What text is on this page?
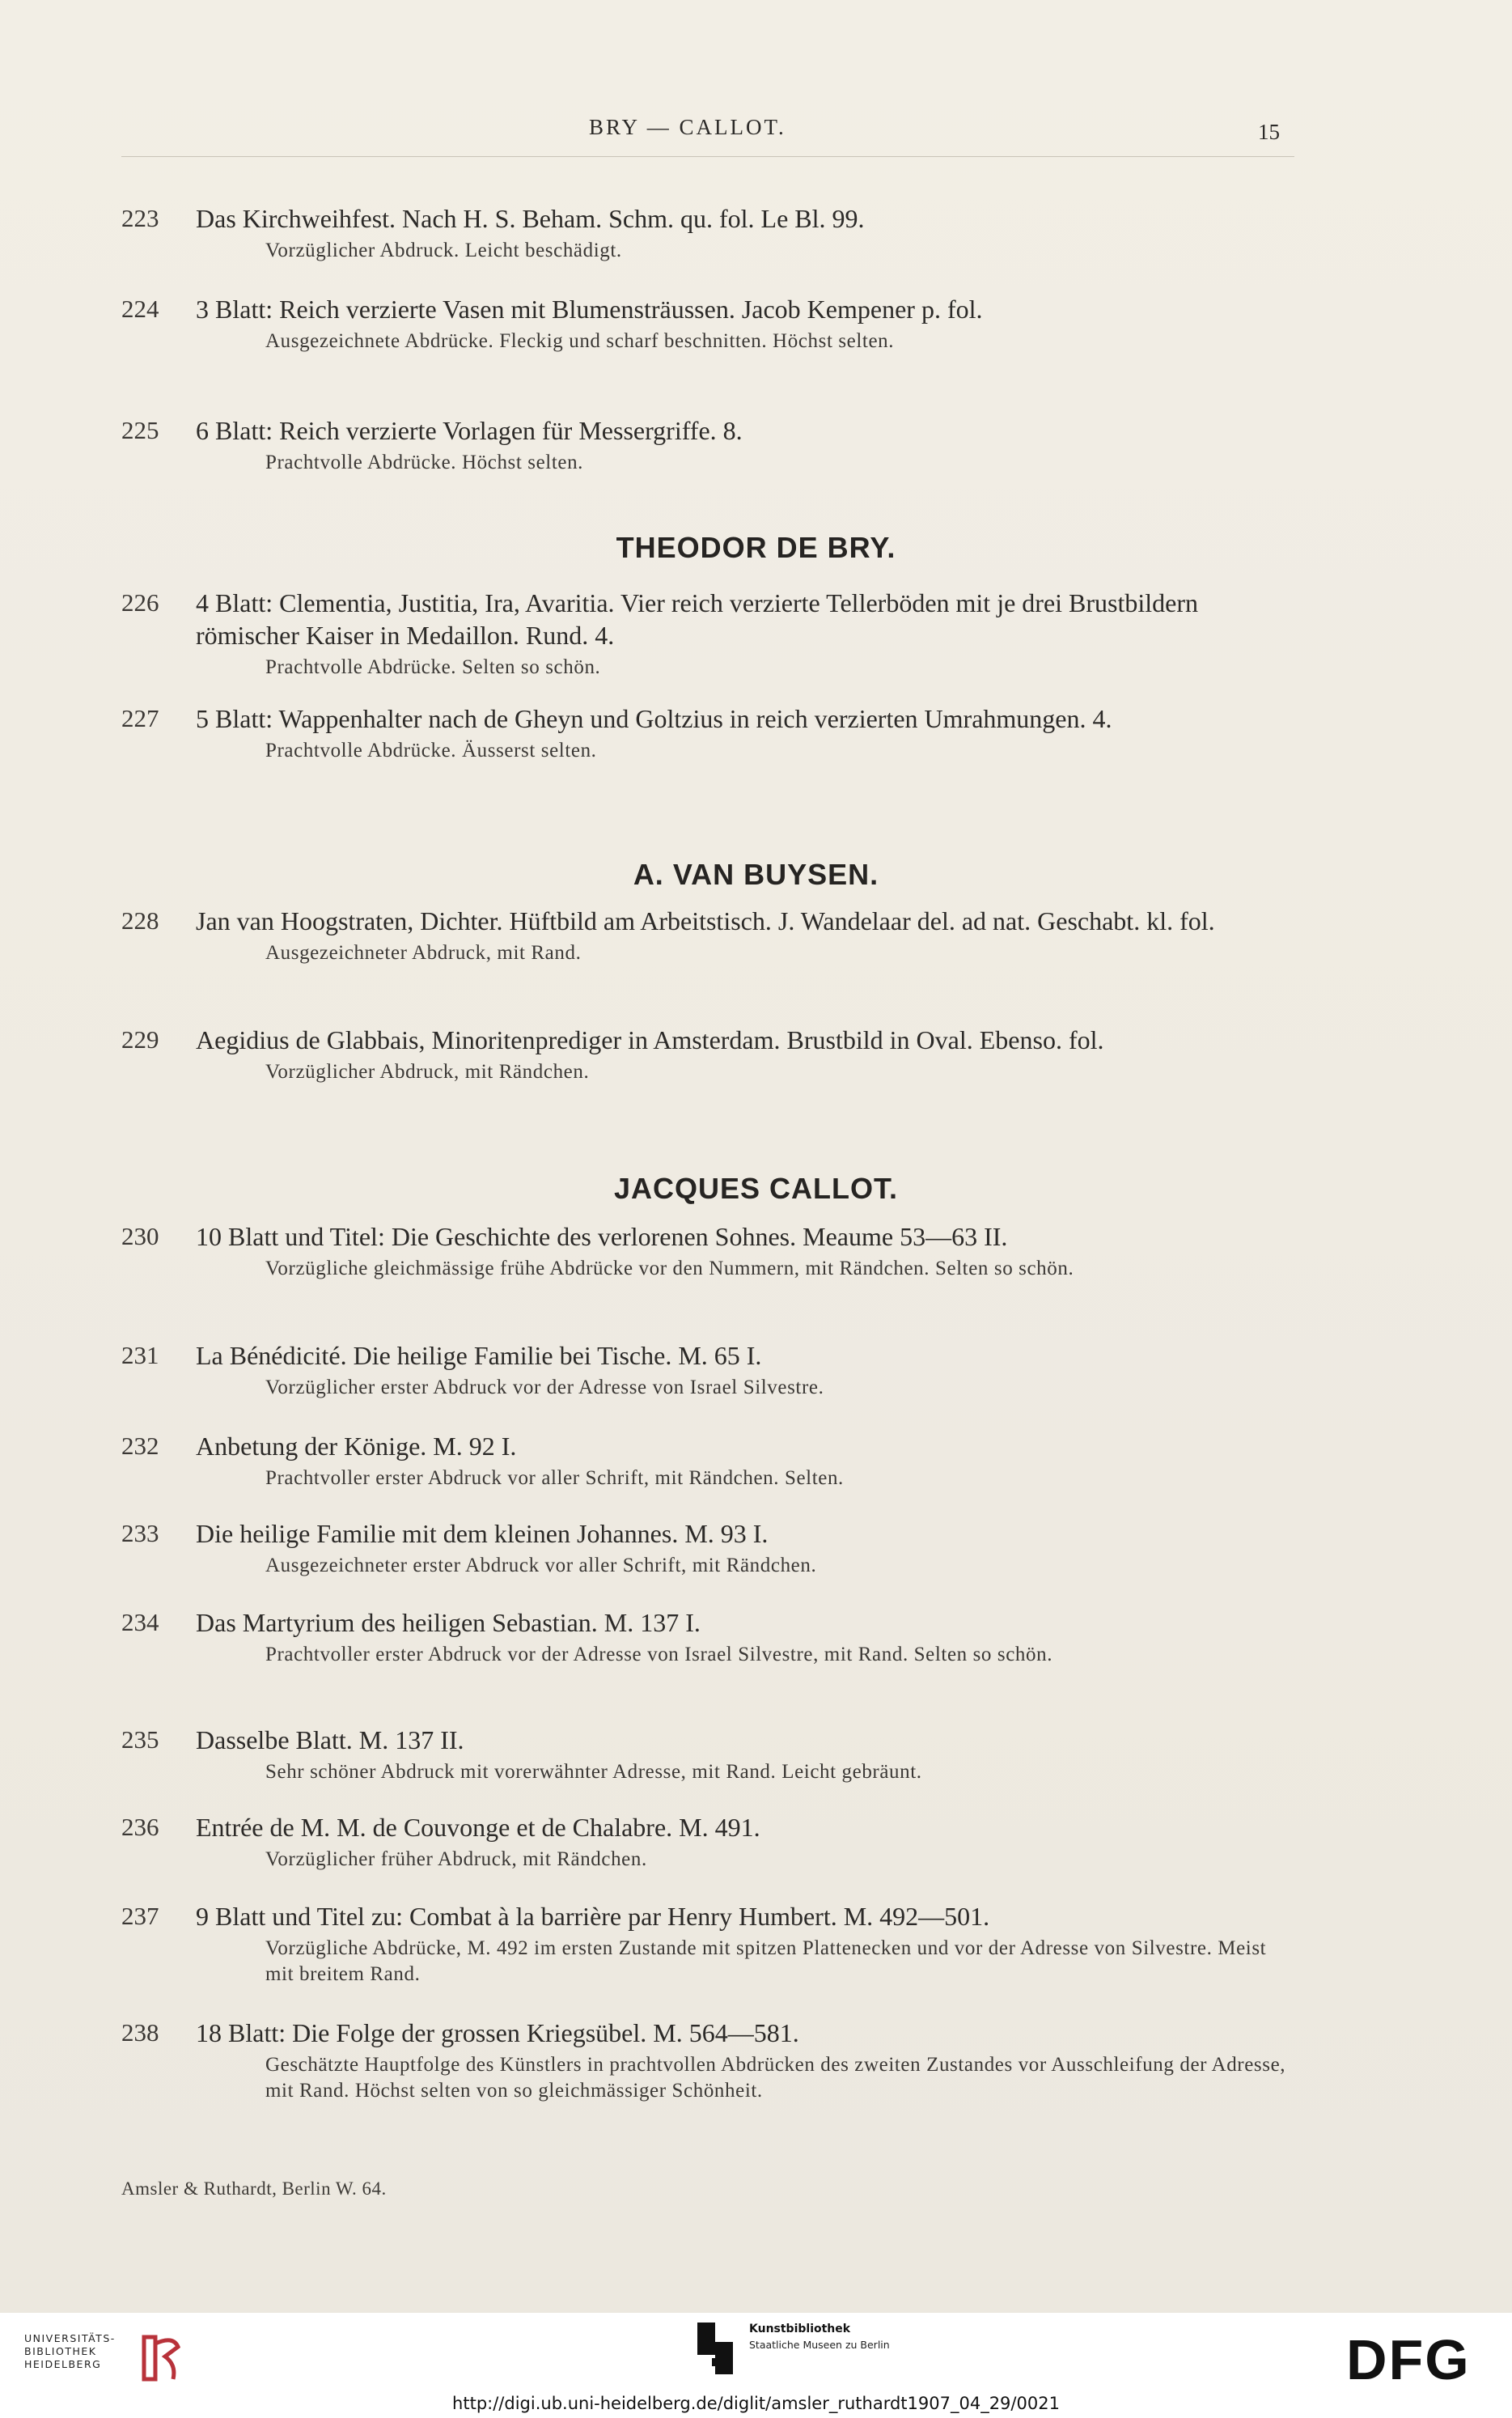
BRY — CALLOT.	15
223 Das Kirchweihfest. Nach H. S. Beham. Schm. qu. fol. Le Bl. 99.
Vorzüglicher Abdruck. Leicht beschädigt.
224 3 Blatt: Reich verzierte Vasen mit Blumensträussen. Jacob Kempener p. fol.
Ausgezeichnete Abdrücke. Fleckig und scharf beschnitten. Höchst selten.
225 6 Blatt: Reich verzierte Vorlagen für Messergriffe. 8.
Prachtvolle Abdrücke. Höchst selten.
THEODOR DE BRY.
226 4 Blatt: Clementia, Justitia, Ira, Avaritia. Vier reich verzierte Tellerböden mit je drei Brustbildern römischer Kaiser in Medaillon. Rund. 4.
Prachtvolle Abdrücke. Selten so schön.
227 5 Blatt: Wappenhalter nach de Gheyn und Goltzius in reich verzierten Umrahmungen. 4.
Prachtvolle Abdrücke. Äusserst selten.
A. VAN BUYSEN.
228 Jan van Hoogstraten, Dichter. Hüftbild am Arbeitstisch. J. Wandelaar del. ad nat. Geschabt. kl. fol.
Ausgezeichneter Abdruck, mit Rand.
229 Aegidius de Glabbais, Minoritenprediger in Amsterdam. Brustbild in Oval. Ebenso. fol.
Vorzüglicher Abdruck, mit Rändchen.
JACQUES CALLOT.
230 10 Blatt und Titel: Die Geschichte des verlorenen Sohnes. Meaume 53—63 II.
Vorzügliche gleichmässige frühe Abdrücke vor den Nummern, mit Rändchen. Selten so schön.
231 La Bénédicité. Die heilige Familie bei Tische. M. 65 I.
Vorzüglicher erster Abdruck vor der Adresse von Israel Silvestre.
232 Anbetung der Könige. M. 92 I.
Prachtvoller erster Abdruck vor aller Schrift, mit Rändchen. Selten.
233 Die heilige Familie mit dem kleinen Johannes. M. 93 I.
Ausgezeichneter erster Abdruck vor aller Schrift, mit Rändchen.
234 Das Martyrium des heiligen Sebastian. M. 137 I.
Prachtvoller erster Abdruck vor der Adresse von Israel Silvestre, mit Rand. Selten so schön.
235 Dasselbe Blatt. M. 137 II.
Sehr schöner Abdruck mit vorerwähnter Adresse, mit Rand. Leicht gebräunt.
236 Entrée de M. M. de Couvonge et de Chalabre. M. 491.
Vorzüglicher früher Abdruck, mit Rändchen.
237 9 Blatt und Titel zu: Combat à la barrière par Henry Humbert. M. 492—501.
Vorzügliche Abdrücke, M. 492 im ersten Zustande mit spitzen Plattenecken und vor der Adresse von Silvestre. Meist mit breitem Rand.
238 18 Blatt: Die Folge der grossen Kriegsübel. M. 564—581.
Geschätzte Hauptfolge des Künstlers in prachtvollen Abdrücken des zweiten Zustandes vor Ausschleifung der Adresse, mit Rand. Höchst selten von so gleichmässiger Schönheit.
Amsler & Ruthardt, Berlin W. 64.
UNIVERSITÄTS-
BIBLIOTHEK
HEIDELBERG
Kunstbibliothek
Staatliche Museen zu Berlin	DFG
http://digi.ub.uni-heidelberg.de/diglit/amsler_ruthardt1907_04_29/0021
